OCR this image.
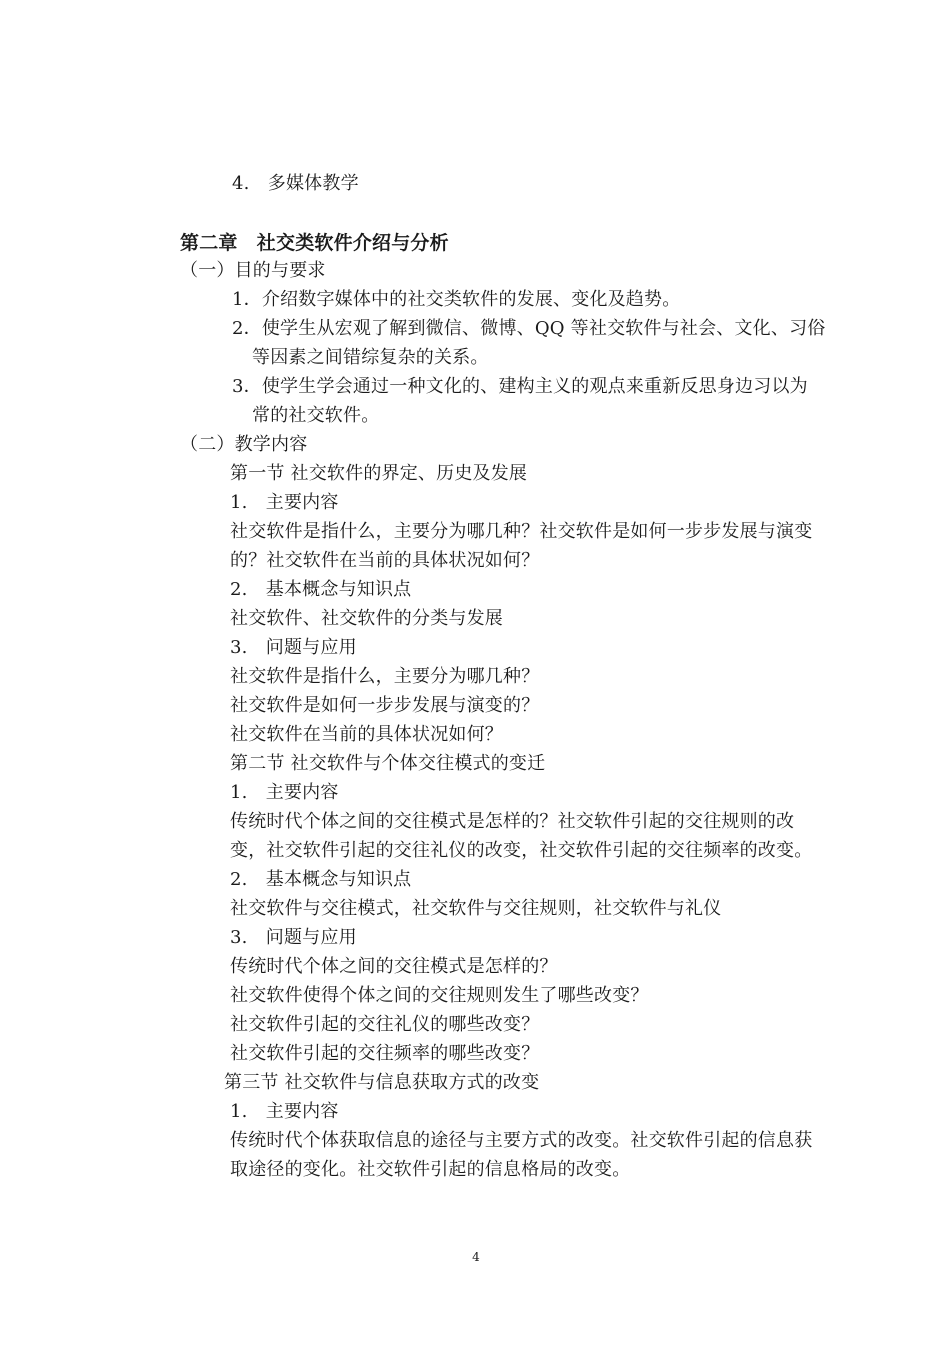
4.　多媒体教学
第二章　社交类软件介绍与分析
（一）目的与要求
1．介绍数字媒体中的社交类软件的发展、变化及趋势。
2．使学生从宏观了解到微信、微博、QQ 等社交软件与社会、文化、习俗
等因素之间错综复杂的关系。
3．使学生学会通过一种文化的、建构主义的观点来重新反思身边习以为
常的社交软件。
（二）教学内容
第一节 社交软件的界定、历史及发展
1.　主要内容
社交软件是指什么，主要分为哪几种？社交软件是如何一步步发展与演变
的？社交软件在当前的具体状况如何？
2.　基本概念与知识点
社交软件、社交软件的分类与发展
3.　问题与应用
社交软件是指什么，主要分为哪几种？
社交软件是如何一步步发展与演变的？
社交软件在当前的具体状况如何？
第二节 社交软件与个体交往模式的变迁
1.　主要内容
传统时代个体之间的交往模式是怎样的？社交软件引起的交往规则的改
变，社交软件引起的交往礼仪的改变，社交软件引起的交往频率的改变。
2.　基本概念与知识点
社交软件与交往模式，社交软件与交往规则，社交软件与礼仪
3.　问题与应用
传统时代个体之间的交往模式是怎样的？
社交软件使得个体之间的交往规则发生了哪些改变？
社交软件引起的交往礼仪的哪些改变？
社交软件引起的交往频率的哪些改变？
第三节 社交软件与信息获取方式的改变
1.　主要内容
传统时代个体获取信息的途径与主要方式的改变。社交软件引起的信息获
取途径的变化。社交软件引起的信息格局的改变。
4
